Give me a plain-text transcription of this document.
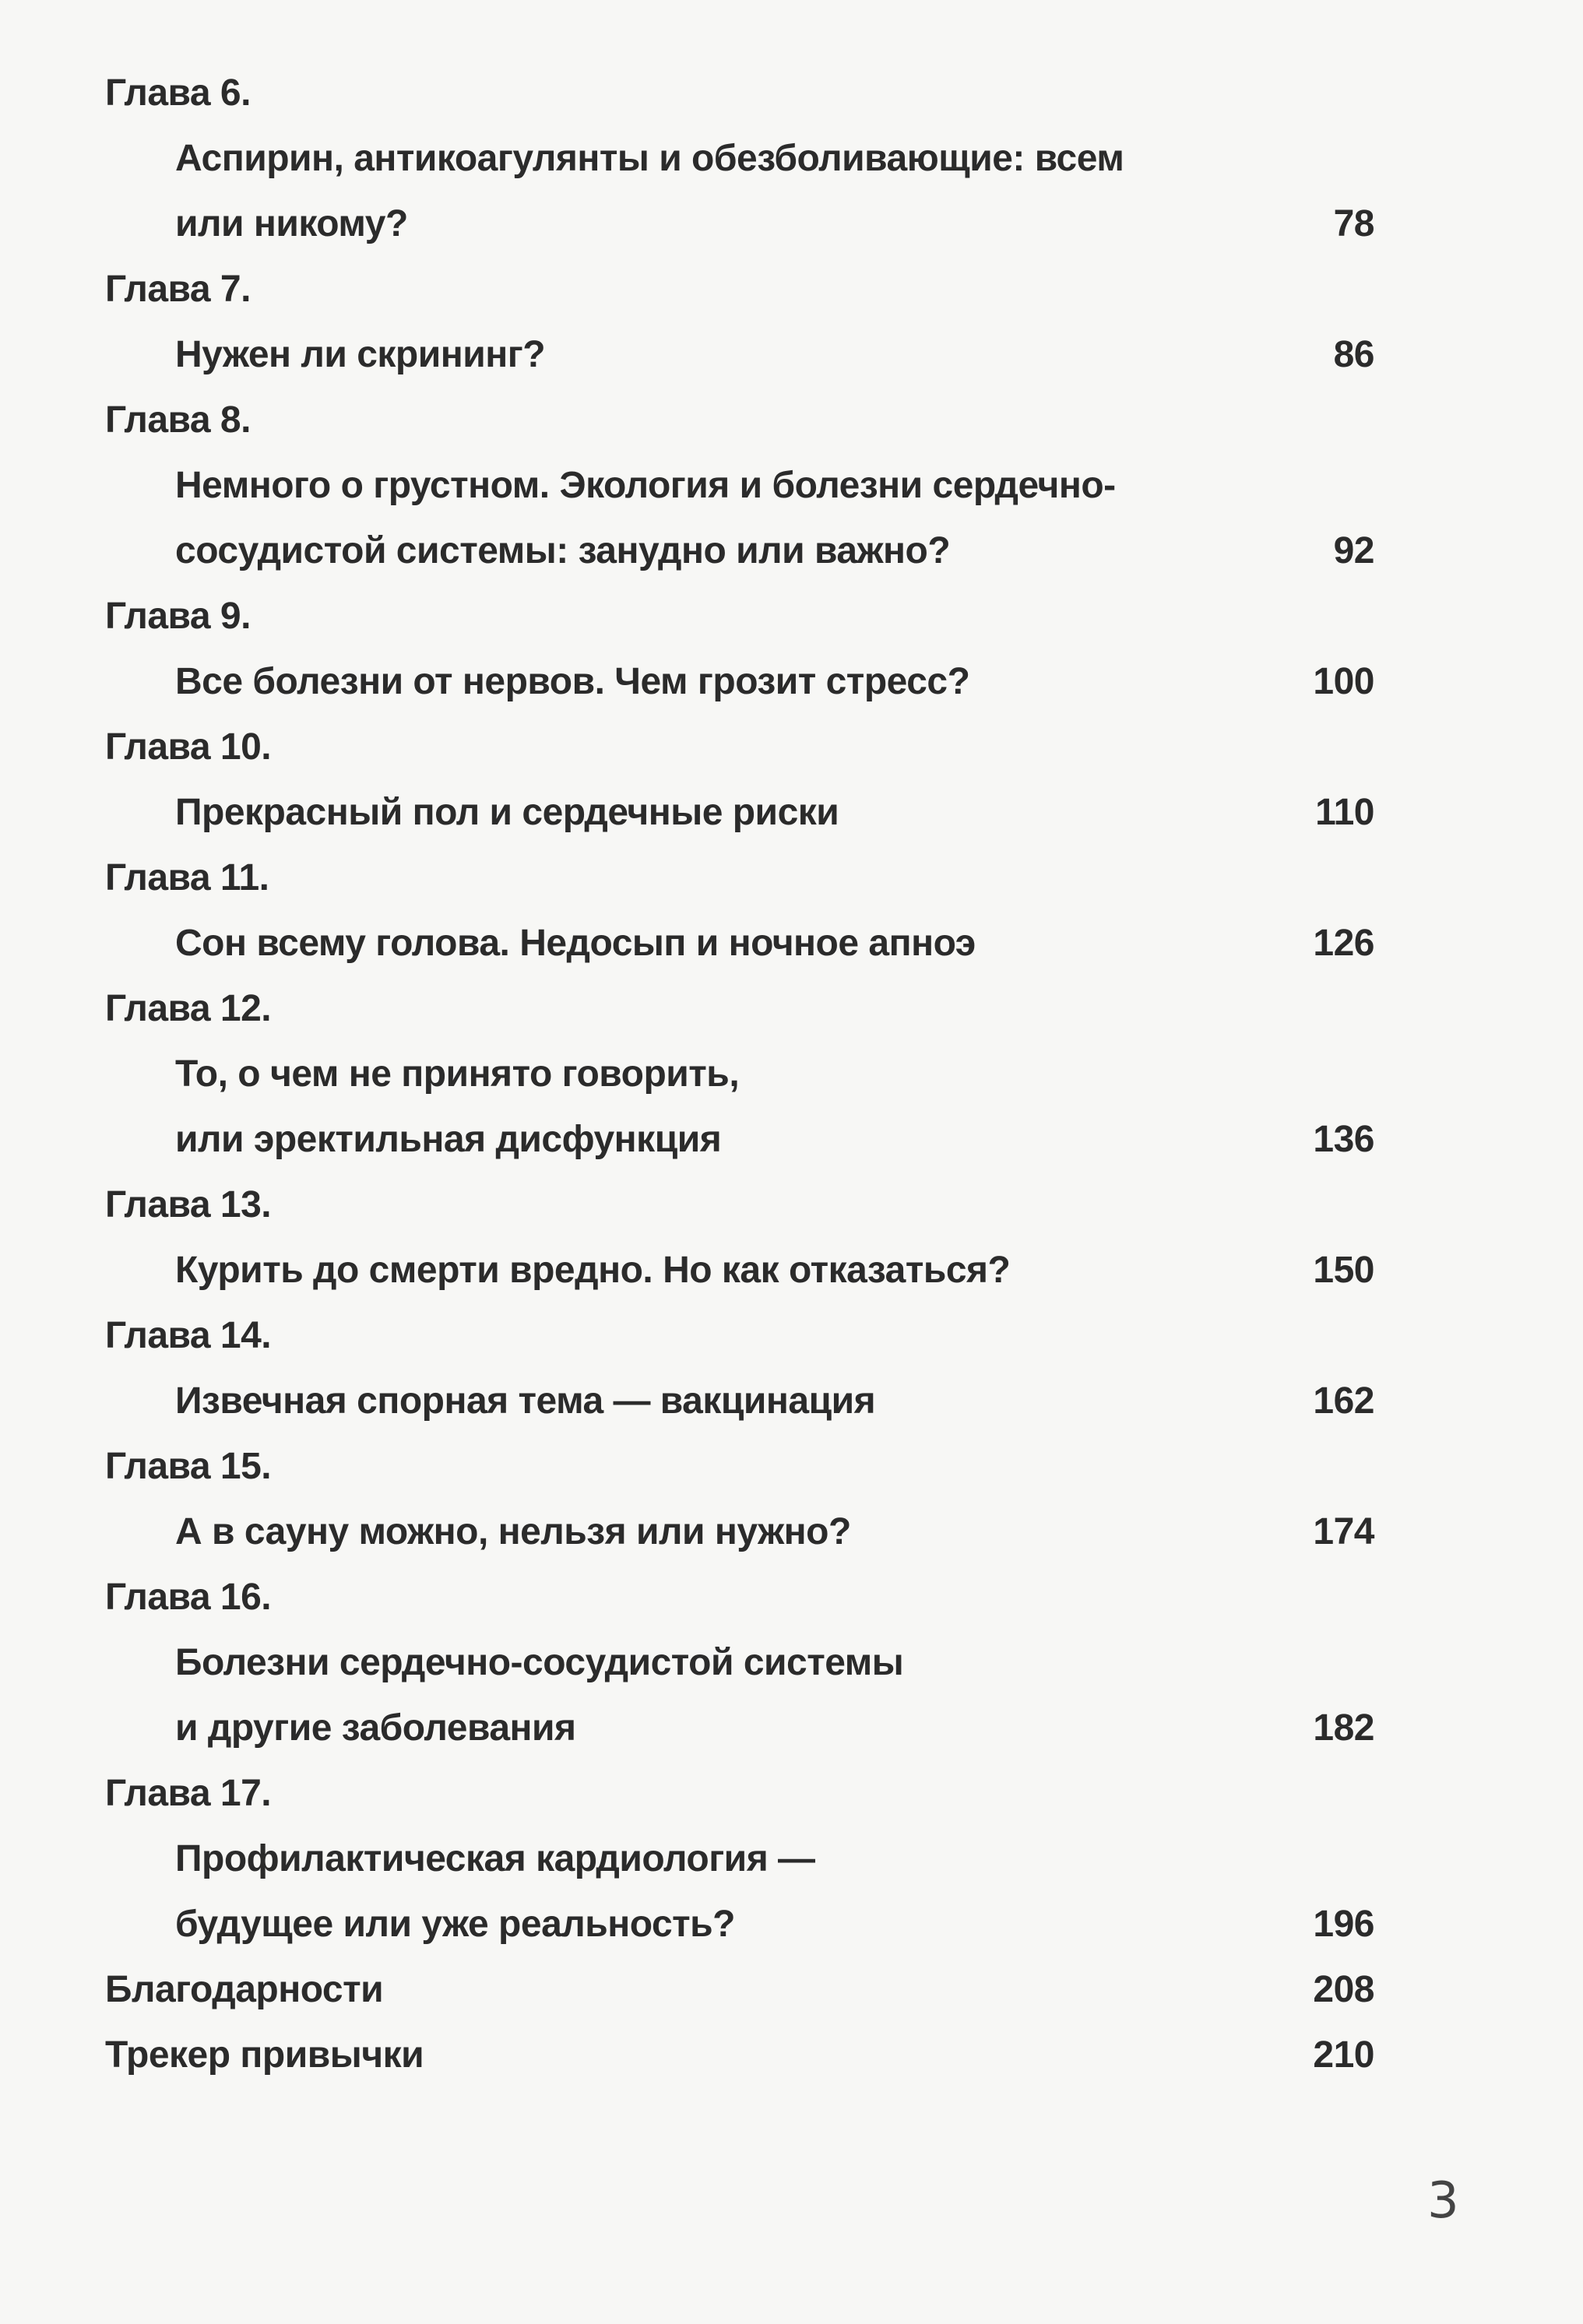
Глава 6.
Аспирин, антикоагулянты и обезболивающие: всем
или никому?	78
Глава 7.
Нужен ли скрининг?	86
Глава 8.
Немного о грустном. Экология и болезни сердечно-
сосудистой системы: занудно или важно?	92
Глава 9.
Все болезни от нервов. Чем грозит стресс?	100
Глава 10.
Прекрасный пол и сердечные риски	110
Глава 11.
Сон всему голова. Недосып и ночное апноэ	126
Глава 12.
То, о чем не принято говорить,
или эректильная дисфункция	136
Глава 13.
Курить до смерти вредно. Но как отказаться?	150
Глава 14.
Извечная спорная тема — вакцинация	162
Глава 15.
А в сауну можно, нельзя или нужно?	174
Глава 16.
Болезни сердечно-сосудистой системы
и другие заболевания	182
Глава 17.
Профилактическая кардиология —
будущее или уже реальность?	196
Благодарности	208
Трекер привычки	210
3
